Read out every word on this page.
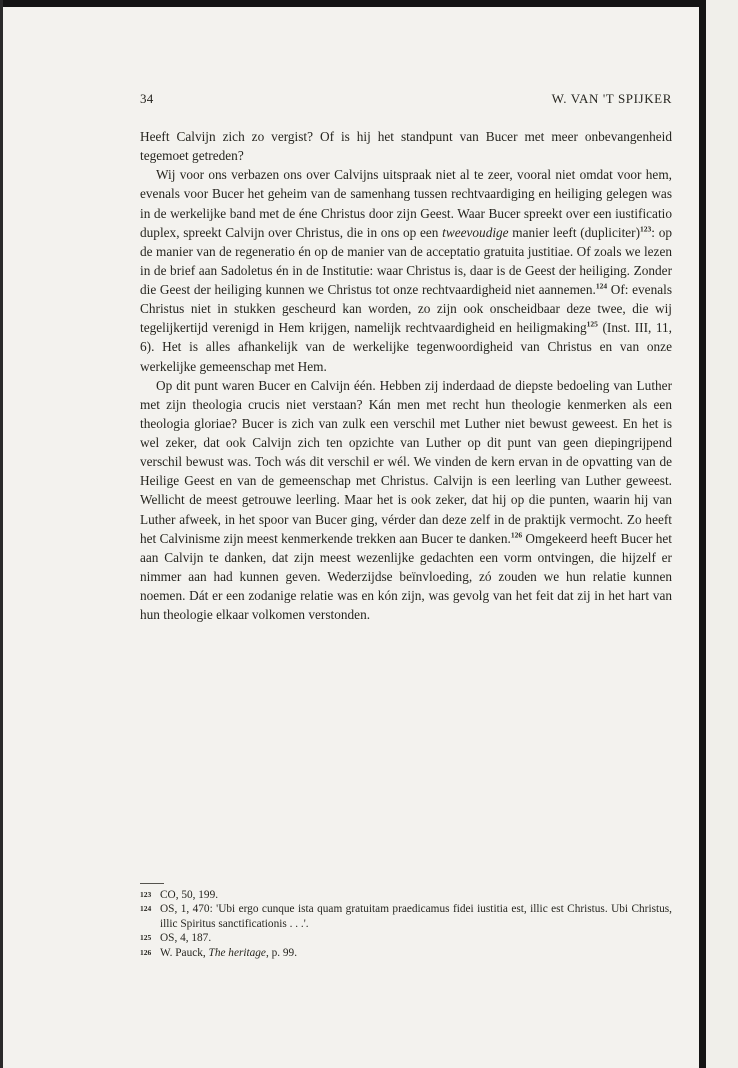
34	W. VAN 'T SPIJKER

Heeft Calvijn zich zo vergist? Of is hij het standpunt van Bucer met meer onbevangenheid tegemoet getreden?

Wij voor ons verbazen ons over Calvijns uitspraak niet al te zeer, vooral niet omdat voor hem, evenals voor Bucer het geheim van de samenhang tussen rechtvaardiging en heiliging gelegen was in de werkelijke band met de éne Christus door zijn Geest. Waar Bucer spreekt over een iustificatio duplex, spreekt Calvijn over Christus, die in ons op een tweevoudige manier leeft (dupliciter)$^{123}$: op de manier van de regeneratio én op de manier van de acceptatio gratuita justitiae. Of zoals we lezen in de brief aan Sadoletus én in de Institutie: waar Christus is, daar is de Geest der heiliging. Zonder die Geest der heiliging kunnen we Christus tot onze rechtvaardigheid niet aannemen.$^{124}$ Of: evenals Christus niet in stukken gescheurd kan worden, zo zijn ook onscheidbaar deze twee, die wij tegelijkertijd verenigd in Hem krijgen, namelijk rechtvaardigheid en heiligmaking$^{125}$ (Inst. III, 11, 6). Het is alles afhankelijk van de werkelijke tegenwoordigheid van Christus en van onze werkelijke gemeenschap met Hem.

Op dit punt waren Bucer en Calvijn één. Hebben zij inderdaad de diepste bedoeling van Luther met zijn theologia crucis niet verstaan? Kán men met recht hun theologie kenmerken als een theologia gloriae? Bucer is zich van zulk een verschil met Luther niet bewust geweest. En het is wel zeker, dat ook Calvijn zich ten opzichte van Luther op dit punt van geen diepingrijpend verschil bewust was. Toch wás dit verschil er wél. We vinden de kern ervan in de opvatting van de Heilige Geest en van de gemeenschap met Christus. Calvijn is een leerling van Luther geweest. Wellicht de meest getrouwe leerling. Maar het is ook zeker, dat hij op die punten, waarin hij van Luther afweek, in het spoor van Bucer ging, vérder dan deze zelf in de praktijk vermocht. Zo heeft het Calvinisme zijn meest kenmerkende trekken aan Bucer te danken.$^{126}$ Omgekeerd heeft Bucer het aan Calvijn te danken, dat zijn meest wezenlijke gedachten een vorm ontvingen, die hijzelf er nimmer aan had kunnen geven. Wederzijdse beïnvloeding, zó zouden we hun relatie kunnen noemen. Dát er een zodanige relatie was en kón zijn, was gevolg van het feit dat zij in het hart van hun theologie elkaar volkomen verstonden.

123 CO, 50, 199.
124 OS, 1, 470: 'Ubi ergo cunque ista quam gratuitam praedicamus fidei iustitia est, illic est Christus. Ubi Christus, illic Spiritus sanctificationis . . .'.
125 OS, 4, 187.
126 W. Pauck, The heritage, p. 99.
